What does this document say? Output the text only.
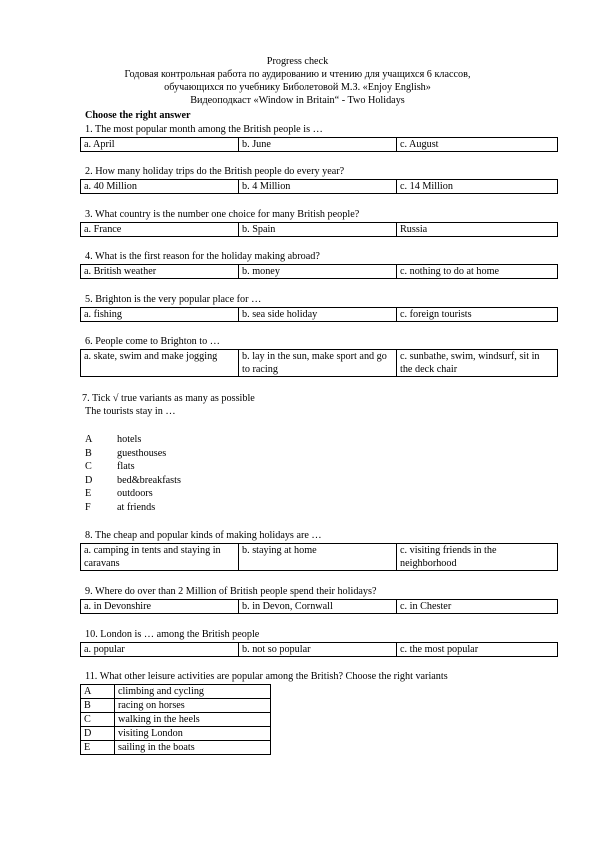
Progress check
Годовая контрольная работа по аудированию и чтению для учащихся 6 классов,
обучающихся по учебнику Биболетовой М.З. «Enjoy English»
Видеоподкаст «Window in Britain“ - Two Holidays
Choose the right answer
1. The most popular month among the British people is …
a. April	b. June	c. August
2. How many holiday trips do the British people do every year?
a. 40 Million	b. 4 Million	c. 14 Million
3. What country is the number one choice for many British people?
a. France	b. Spain	Russia
4. What is the first reason for the holiday making abroad?
a. British weather	b. money	c. nothing to do at home
5. Brighton is the very popular place for …
a. fishing	b. sea side holiday	c. foreign tourists
6. People come to Brighton to …
a. skate, swim and make jogging	b. lay in the sun, make sport and go to racing	c. sunbathe, swim, windsurf, sit in the deck chair
7. Tick √ true variants as many as possible
The tourists stay in …
A	hotels
B	guesthouses
C	flats
D	bed&breakfasts
E	outdoors
F	at friends
8. The cheap and popular kinds of making holidays are …
a. camping in tents and staying in caravans	b. staying at home	c. visiting friends in the neighborhood
9. Where do over than 2 Million of British people spend their holidays?
a. in Devonshire	b. in Devon, Cornwall	c. in Chester
10. London is … among the British people
a. popular	b. not so popular	c. the most popular
11. What other leisure activities are popular among the British? Choose the right variants
A	climbing and cycling
B	racing on horses
C	walking in the heels
D	visiting London
E	sailing in the boats
